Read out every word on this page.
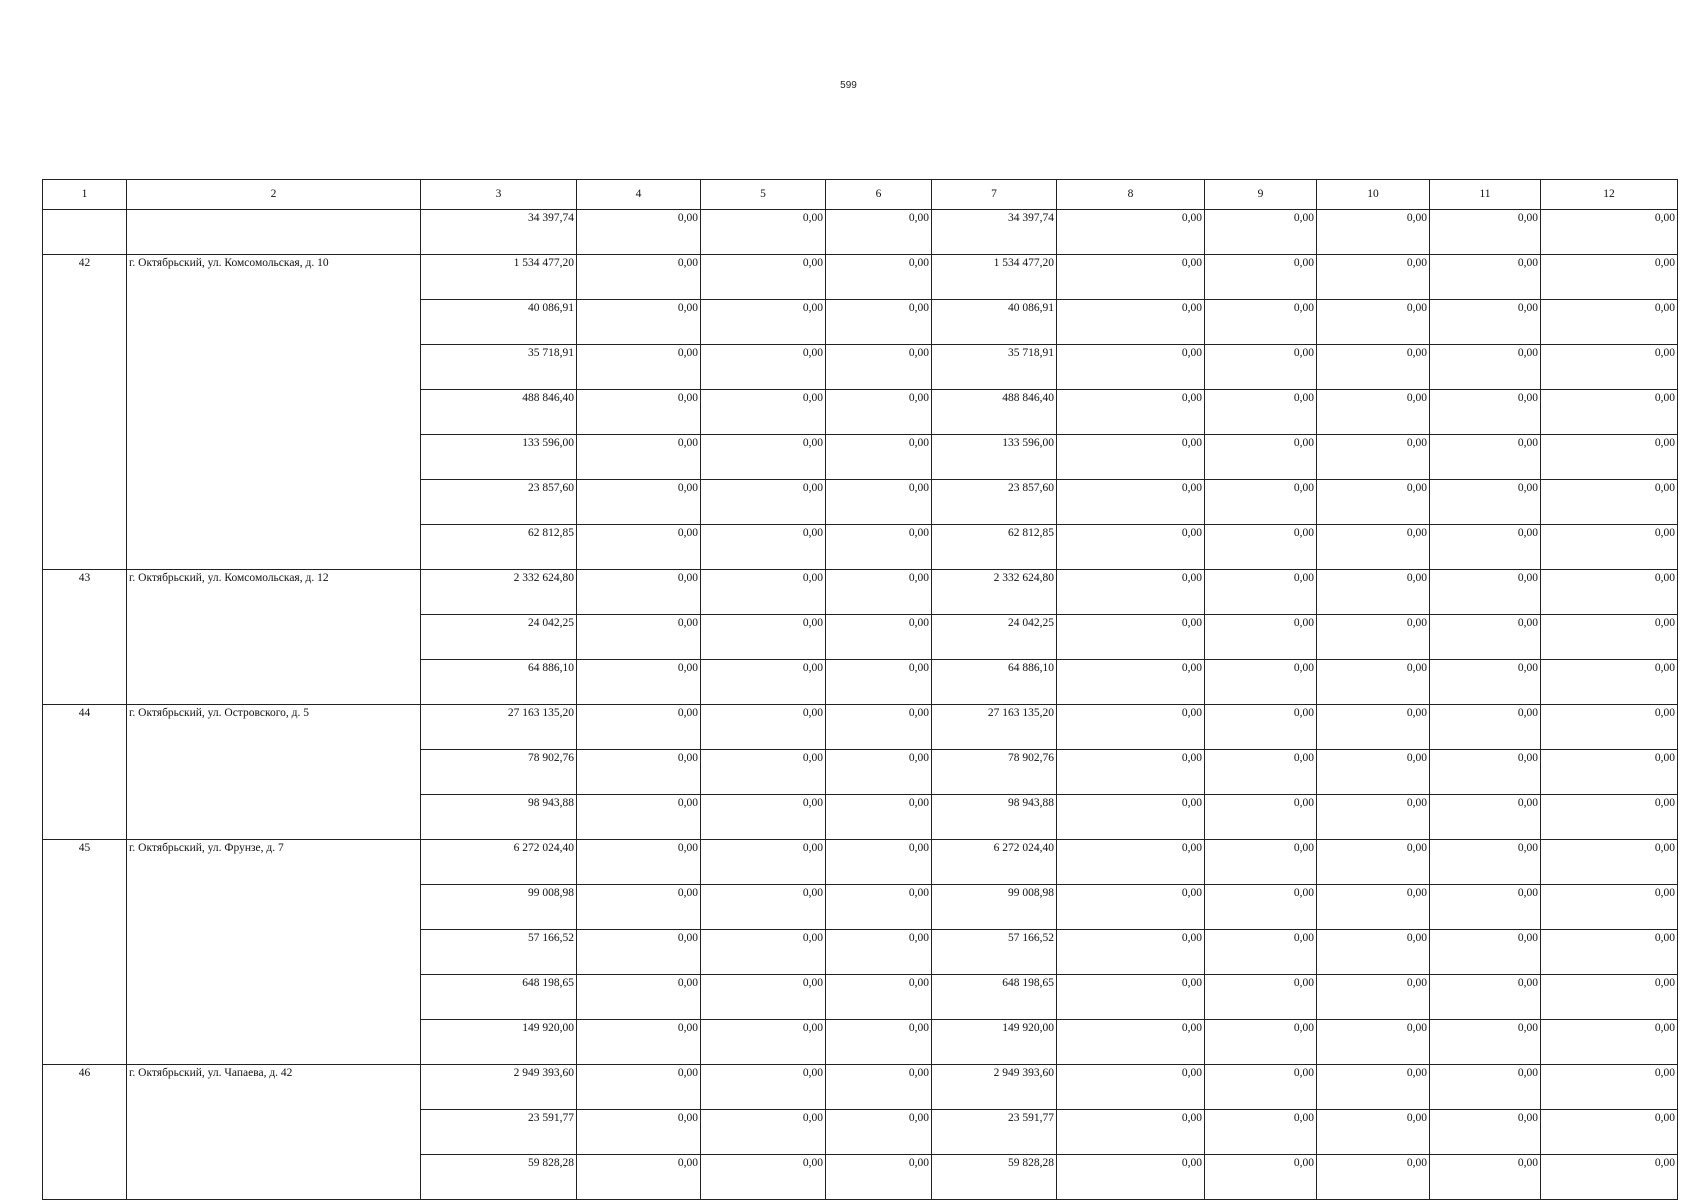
599
1	2	3	4	5	6	7	8	9	10	11	12
		34 397,74	0,00	0,00	0,00	34 397,74	0,00	0,00	0,00	0,00	0,00
42	г. Октябрьский, ул. Комсомольская, д. 10	1 534 477,20	0,00	0,00	0,00	1 534 477,20	0,00	0,00	0,00	0,00	0,00
		40 086,91	0,00	0,00	0,00	40 086,91	0,00	0,00	0,00	0,00	0,00
		35 718,91	0,00	0,00	0,00	35 718,91	0,00	0,00	0,00	0,00	0,00
		488 846,40	0,00	0,00	0,00	488 846,40	0,00	0,00	0,00	0,00	0,00
		133 596,00	0,00	0,00	0,00	133 596,00	0,00	0,00	0,00	0,00	0,00
		23 857,60	0,00	0,00	0,00	23 857,60	0,00	0,00	0,00	0,00	0,00
		62 812,85	0,00	0,00	0,00	62 812,85	0,00	0,00	0,00	0,00	0,00
43	г. Октябрьский, ул. Комсомольская, д. 12	2 332 624,80	0,00	0,00	0,00	2 332 624,80	0,00	0,00	0,00	0,00	0,00
		24 042,25	0,00	0,00	0,00	24 042,25	0,00	0,00	0,00	0,00	0,00
		64 886,10	0,00	0,00	0,00	64 886,10	0,00	0,00	0,00	0,00	0,00
44	г. Октябрьский, ул. Островского, д. 5	27 163 135,20	0,00	0,00	0,00	27 163 135,20	0,00	0,00	0,00	0,00	0,00
		78 902,76	0,00	0,00	0,00	78 902,76	0,00	0,00	0,00	0,00	0,00
		98 943,88	0,00	0,00	0,00	98 943,88	0,00	0,00	0,00	0,00	0,00
45	г. Октябрьский, ул. Фрунзе, д. 7	6 272 024,40	0,00	0,00	0,00	6 272 024,40	0,00	0,00	0,00	0,00	0,00
		99 008,98	0,00	0,00	0,00	99 008,98	0,00	0,00	0,00	0,00	0,00
		57 166,52	0,00	0,00	0,00	57 166,52	0,00	0,00	0,00	0,00	0,00
		648 198,65	0,00	0,00	0,00	648 198,65	0,00	0,00	0,00	0,00	0,00
		149 920,00	0,00	0,00	0,00	149 920,00	0,00	0,00	0,00	0,00	0,00
46	г. Октябрьский, ул. Чапаева, д. 42	2 949 393,60	0,00	0,00	0,00	2 949 393,60	0,00	0,00	0,00	0,00	0,00
		23 591,77	0,00	0,00	0,00	23 591,77	0,00	0,00	0,00	0,00	0,00
		59 828,28	0,00	0,00	0,00	59 828,28	0,00	0,00	0,00	0,00	0,00
